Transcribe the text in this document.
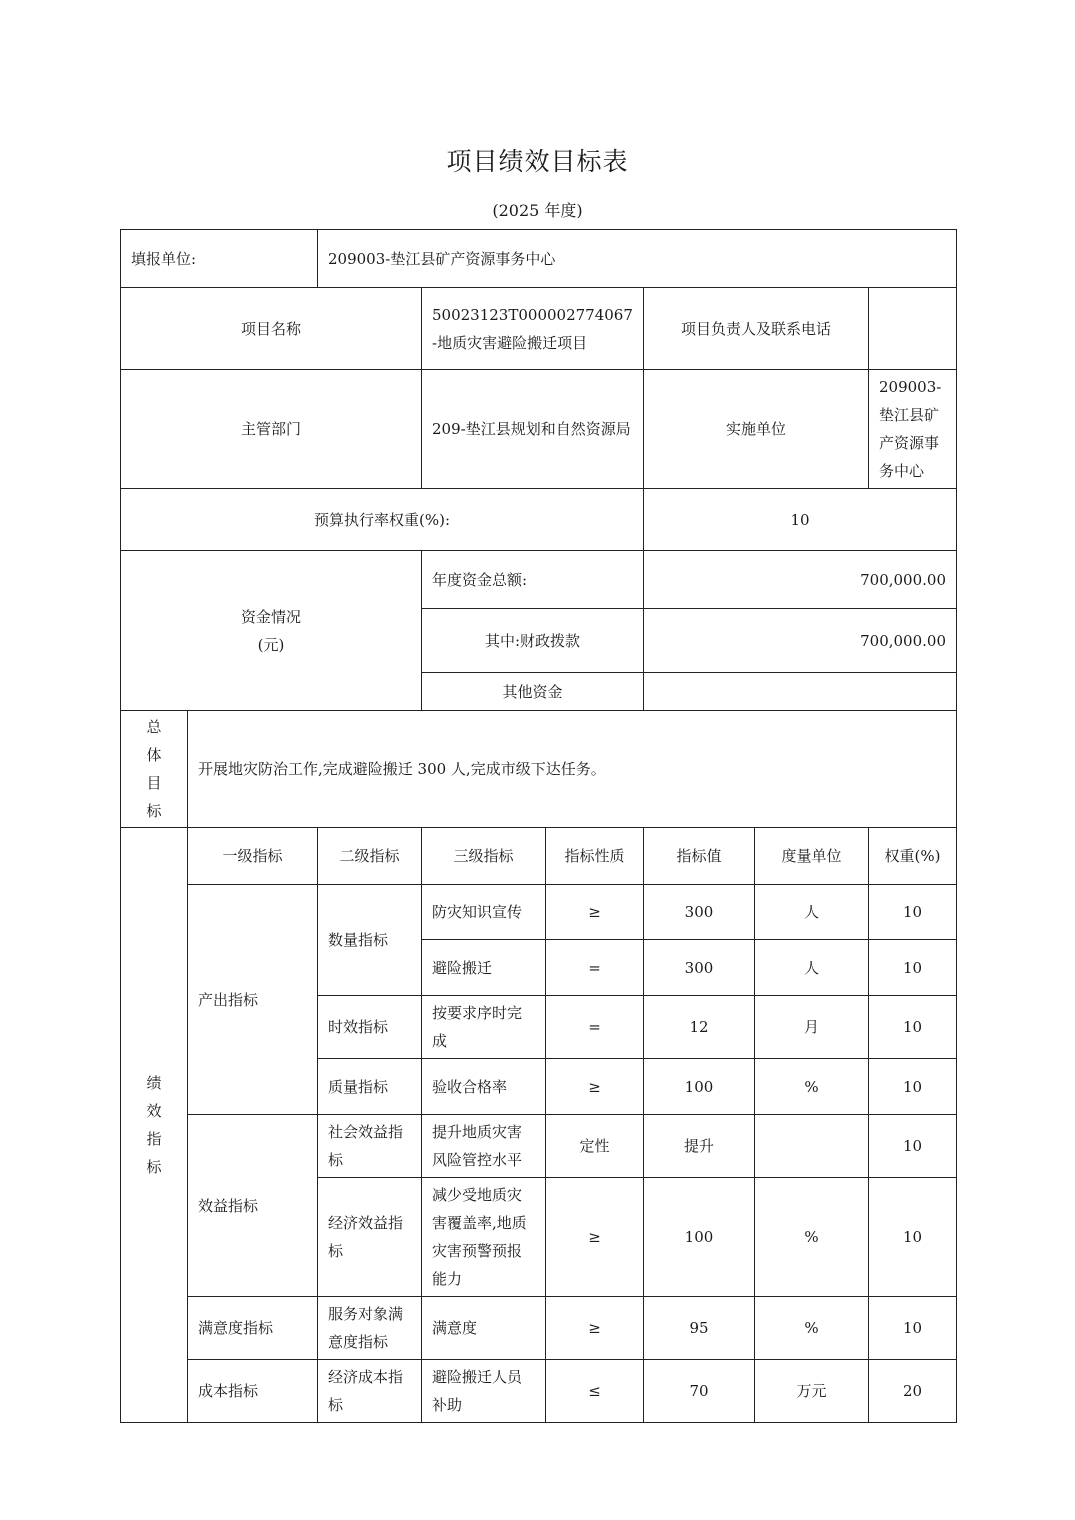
项目绩效目标表
(2025 年度)
填报单位:		209003-垫江县矿产资源事务中心					
项目名称			50023123T000002774067-地质灾害避险搬迁项目		项目负责人及联系电话		
主管部门			209-垫江县规划和自然资源局		实施单位		209003-垫江县矿产资源事务中心
预算执行率权重(%):					10		

资金情况
(元)			年度资金总额:		700,000.00		
			其中:财政拨款		700,000.00		
			其他资金				

总
体
目
标	开展地灾防治工作,完成避险搬迁 300 人,完成市级下达任务。						

绩
效
指
标	一级指标	二级指标	三级指标	指标性质	指标值	度量单位	权重(%)
	产出指标	数量指标	防灾知识宣传	≥	300	人	10
			避险搬迁	=	300	人	10
		时效指标	按要求序时完成	=	12	月	10
		质量指标	验收合格率	≥	100	%	10
	效益指标	社会效益指标	提升地质灾害风险管控水平	定性	提升		10
		经济效益指标	减少受地质灾害覆盖率,地质灾害预警预报能力	≥	100	%	10
	满意度指标	服务对象满意度指标	满意度	≥	95	%	10
	成本指标	经济成本指标	避险搬迁人员补助	≤	70	万元	20
